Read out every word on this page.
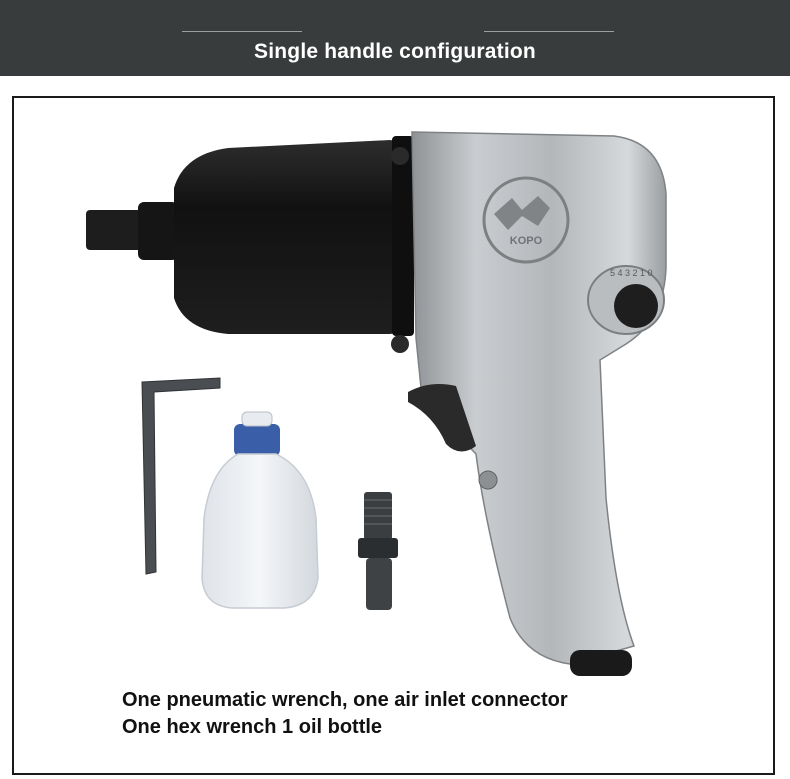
Single handle configuration
KOPO
5 4 3 2 1 0
One pneumatic wrench, one air inlet connector
One hex wrench 1 oil bottle
